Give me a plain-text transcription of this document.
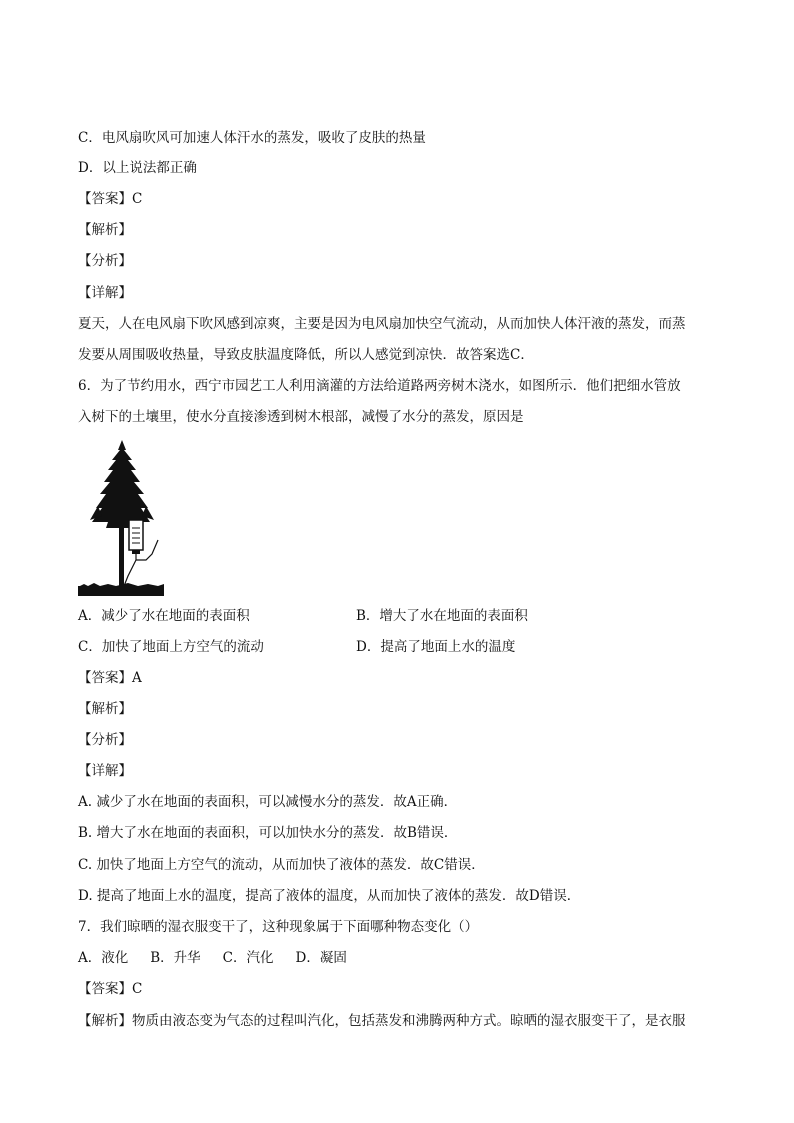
C．电风扇吹风可加速人体汗水的蒸发，吸收了皮肤的热量
D．以上说法都正确
【答案】C
【解析】
【分析】
【详解】
夏天，人在电风扇下吹风感到凉爽，主要是因为电风扇加快空气流动，从而加快人体汗液的蒸发，而蒸
发要从周围吸收热量，导致皮肤温度降低，所以人感觉到凉快．故答案选C．
6．为了节约用水，西宁市园艺工人利用滴灌的方法给道路两旁树木浇水，如图所示．他们把细水管放
入树下的土壤里，使水分直接渗透到树木根部，减慢了水分的蒸发，原因是
A．减少了水在地面的表面积	B．增大了水在地面的表面积
C．加快了地面上方空气的流动	D．提高了地面上水的温度
【答案】A
【解析】
【分析】
【详解】
A. 减少了水在地面的表面积，可以减慢水分的蒸发．故A正确．
B. 增大了水在地面的表面积，可以加快水分的蒸发．故B错误．
C. 加快了地面上方空气的流动，从而加快了液体的蒸发．故C错误．
D. 提高了地面上水的温度，提高了液体的温度，从而加快了液体的蒸发．故D错误．
7．我们晾晒的湿衣服变干了，这种现象属于下面哪种物态变化（）
A．液化 B．升华 C．汽化 D．凝固
【答案】C
【解析】物质由液态变为气态的过程叫汽化，包括蒸发和沸腾两种方式。晾晒的湿衣服变干了，是衣服
